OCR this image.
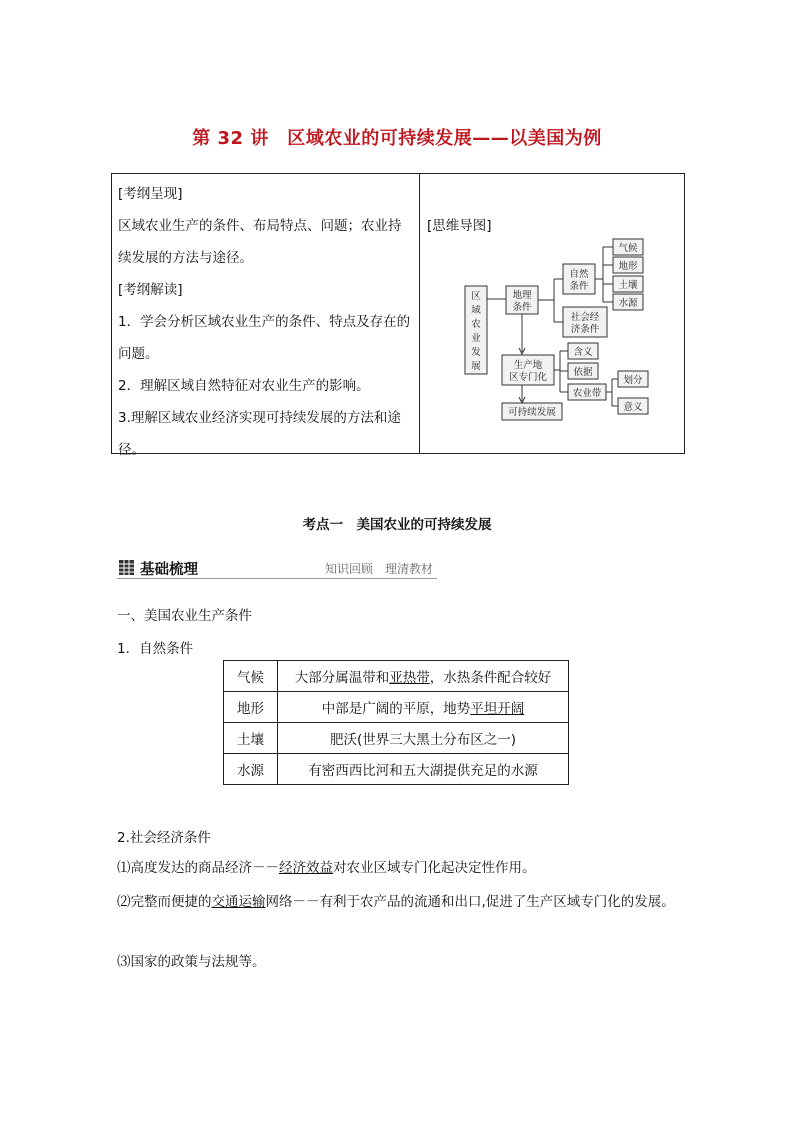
第 32 讲　区域农业的可持续发展——以美国为例
[考纲呈现]
区域农业生产的条件、布局特点、问题；农业持
续发展的方法与途径。
[考纲解读]
1．学会分析区域农业生产的条件、特点及存在的
问题。
2．理解区域自然特征对农业生产的影响。
3.理解区域农业经济实现可持续发展的方法和途
径。
[思维导图]
区
域
农
业
发
展
地理
条件
自然
条件
社会经
济条件
气候
地形
土壤
水源
生产地
区专门化
含义
依据
农业带
划分
意义
可持续发展
考点一　美国农业的可持续发展
基础梳理	知识回顾　理清教材
一、美国农业生产条件
1．自然条件
气候	大部分属温带和亚热带，水热条件配合较好
地形	中部是广阔的平原，地势平坦开阔
土壤	肥沃(世界三大黑土分布区之一)
水源	有密西西比河和五大湖提供充足的水源
2.社会经济条件
⑴高度发达的商品经济－－经济效益对农业区域专门化起决定性作用。
⑵完整而便捷的交通运输网络－－有利于农产品的流通和出口,促进了生产区域专门化的发展。
⑶国家的政策与法规等。
